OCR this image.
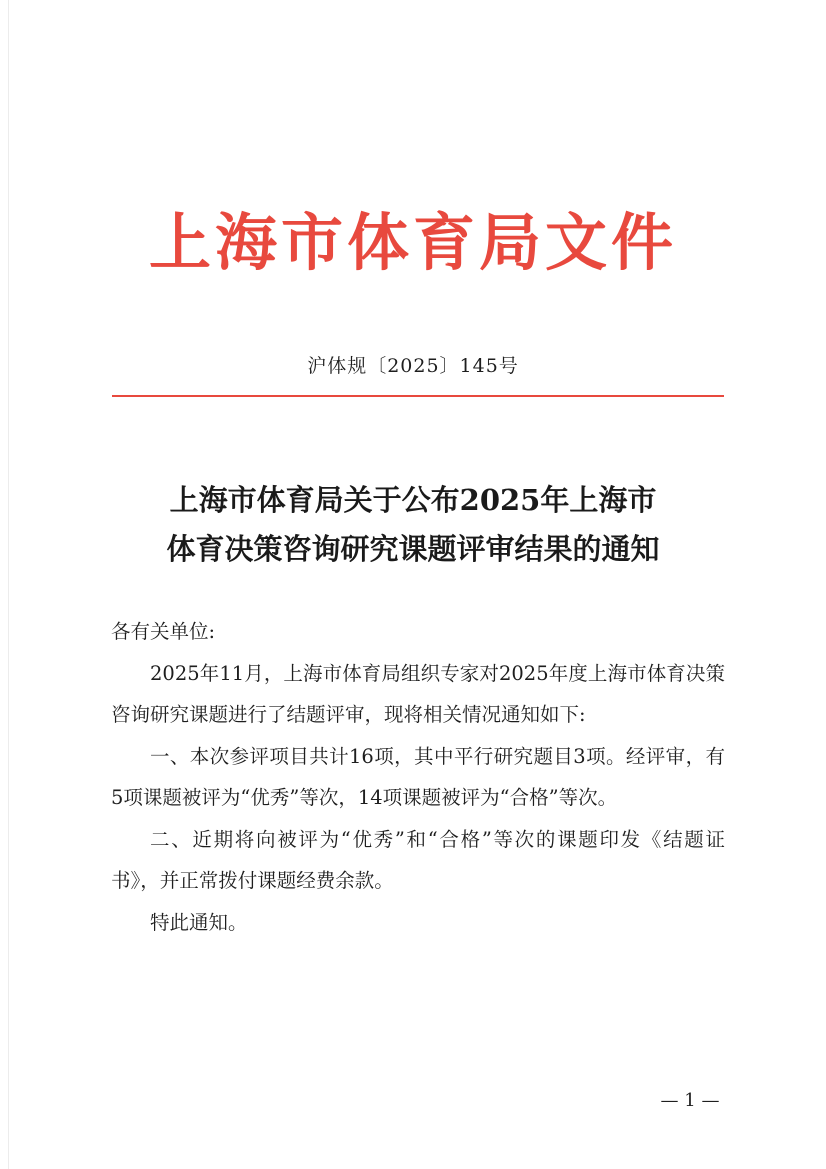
上海市体育局文件
沪体规〔2025〕145号
上海市体育局关于公布2025年上海市
体育决策咨询研究课题评审结果的通知

各有关单位:

2025年11月，上海市体育局组织专家对2025年度上海市体育决策咨询研究课题进行了结题评审，现将相关情况通知如下:

一、本次参评项目共计16项，其中平行研究题目3项。经评审，有5项课题被评为“优秀”等次，14项课题被评为“合格”等次。

二、近期将向被评为“优秀”和“合格”等次的课题印发《结题证书》，并正常拨付课题经费余款。

特此通知。

— 1 —
